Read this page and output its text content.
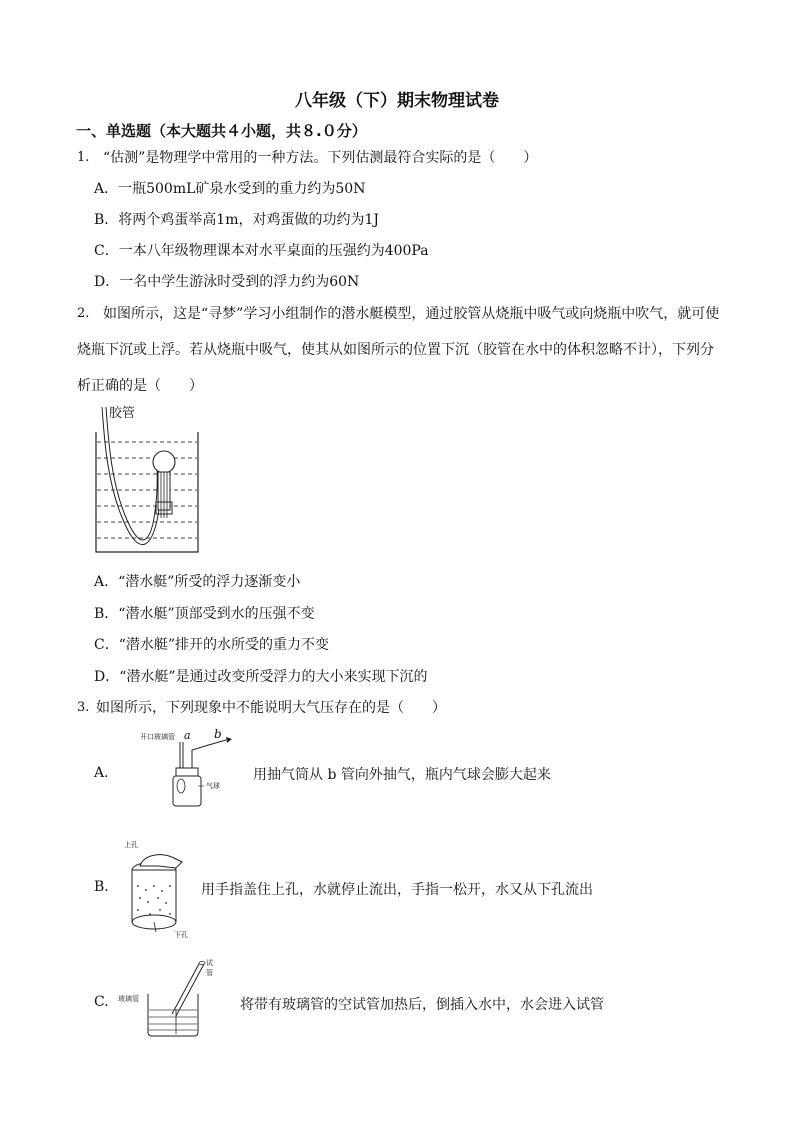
八年级（下）期末物理试卷
一、单选题（本大题共４小题，共８.０分）
1. “估测”是物理学中常用的一种方法。下列估测最符合实际的是（　　）
A．一瓶500mL矿泉水受到的重力约为50N
B．将两个鸡蛋举高1m，对鸡蛋做的功约为1J
C．一本八年级物理课本对水平桌面的压强约为400Pa
D．一名中学生游泳时受到的浮力约为60N
2. 如图所示，这是“寻梦”学习小组制作的潜水艇模型，通过胶管从烧瓶中吸气或向烧瓶中吹气，就可使
烧瓶下沉或上浮。若从烧瓶中吸气，使其从如图所示的位置下沉（胶管在水中的体积忽略不计），下列分
析正确的是（　　）
胶管
A．“潜水艇”所受的浮力逐渐变小
B．“潜水艇”顶部受到水的压强不变
C．“潜水艇”排开的水所受的重力不变
D．“潜水艇”是通过改变所受浮力的大小来实现下沉的
3. 如图所示，下列现象中不能说明大气压存在的是（　　）
A.
开口玻璃管 a b
气球
用抽气筒从 b 管向外抽气，瓶内气球会膨大起来
B.
上孔
下孔
用手指盖住上孔，水就停止流出，手指一松开，水又从下孔流出
C.
试管
玻璃管	将带有玻璃管的空试管加热后，倒插入水中，水会进入试管
